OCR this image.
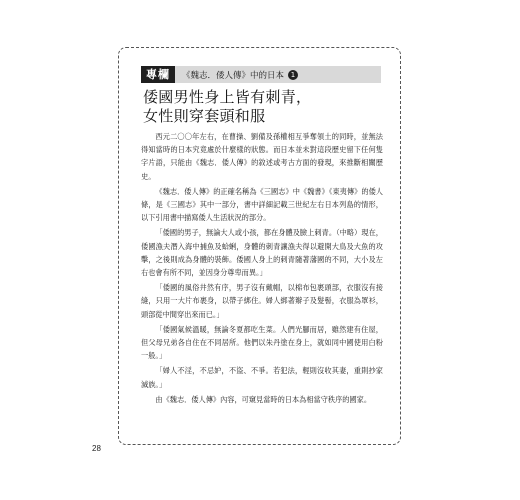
專欄	《魏志．倭人傳》中的日本 1
倭國男性身上皆有刺青，
女性則穿套頭和服

西元二〇〇年左右，在曹操、劉備及孫權相互爭奪領土的同時，並無法得知當時的日本究竟處於什麼樣的狀態。而日本並未對這段歷史留下任何隻字片語，只能由《魏志．倭人傳》的敘述或考古方面的發現，來推斷相關歷史。

《魏志．倭人傳》的正確名稱為《三國志》中《魏書》《東夷傳》的倭人條，是《三國志》其中一部分，書中詳細記載三世紀左右日本列島的情形，以下引用書中描寫倭人生活狀況的部分。

「倭國的男子，無論大人或小孩，都在身體及臉上刺青。（中略）現在，倭國漁夫潛入海中捕魚及蛤蜊，身體的刺青讓漁夫得以避開大鳥及大魚的攻擊，之後則成為身體的裝飾。倭國人身上的刺青隨著藩國的不同，大小及左右也會有所不同，並因身分尊卑而異。」

「倭國的風俗井然有序，男子沒有戴帽，以棉布包裹頭部，衣服沒有接縫，只用一大片布裹身，以帶子綁住。婦人綁著辮子及髮髻，衣服為罩衫，頭部從中間穿出來而已。」

「倭國氣候溫暖，無論冬夏都吃生菜。人們光腳而居，雖然建有住屋，但父母兄弟各自住在不同居所。他們以朱丹塗在身上，就如同中國使用白粉一般。」

「婦人不淫，不忌妒，不盜、不爭。若犯法，輕則沒收其妻，重則抄家滅族。」

由《魏志．倭人傳》內容，可窺見當時的日本為相當守秩序的國家。

28
